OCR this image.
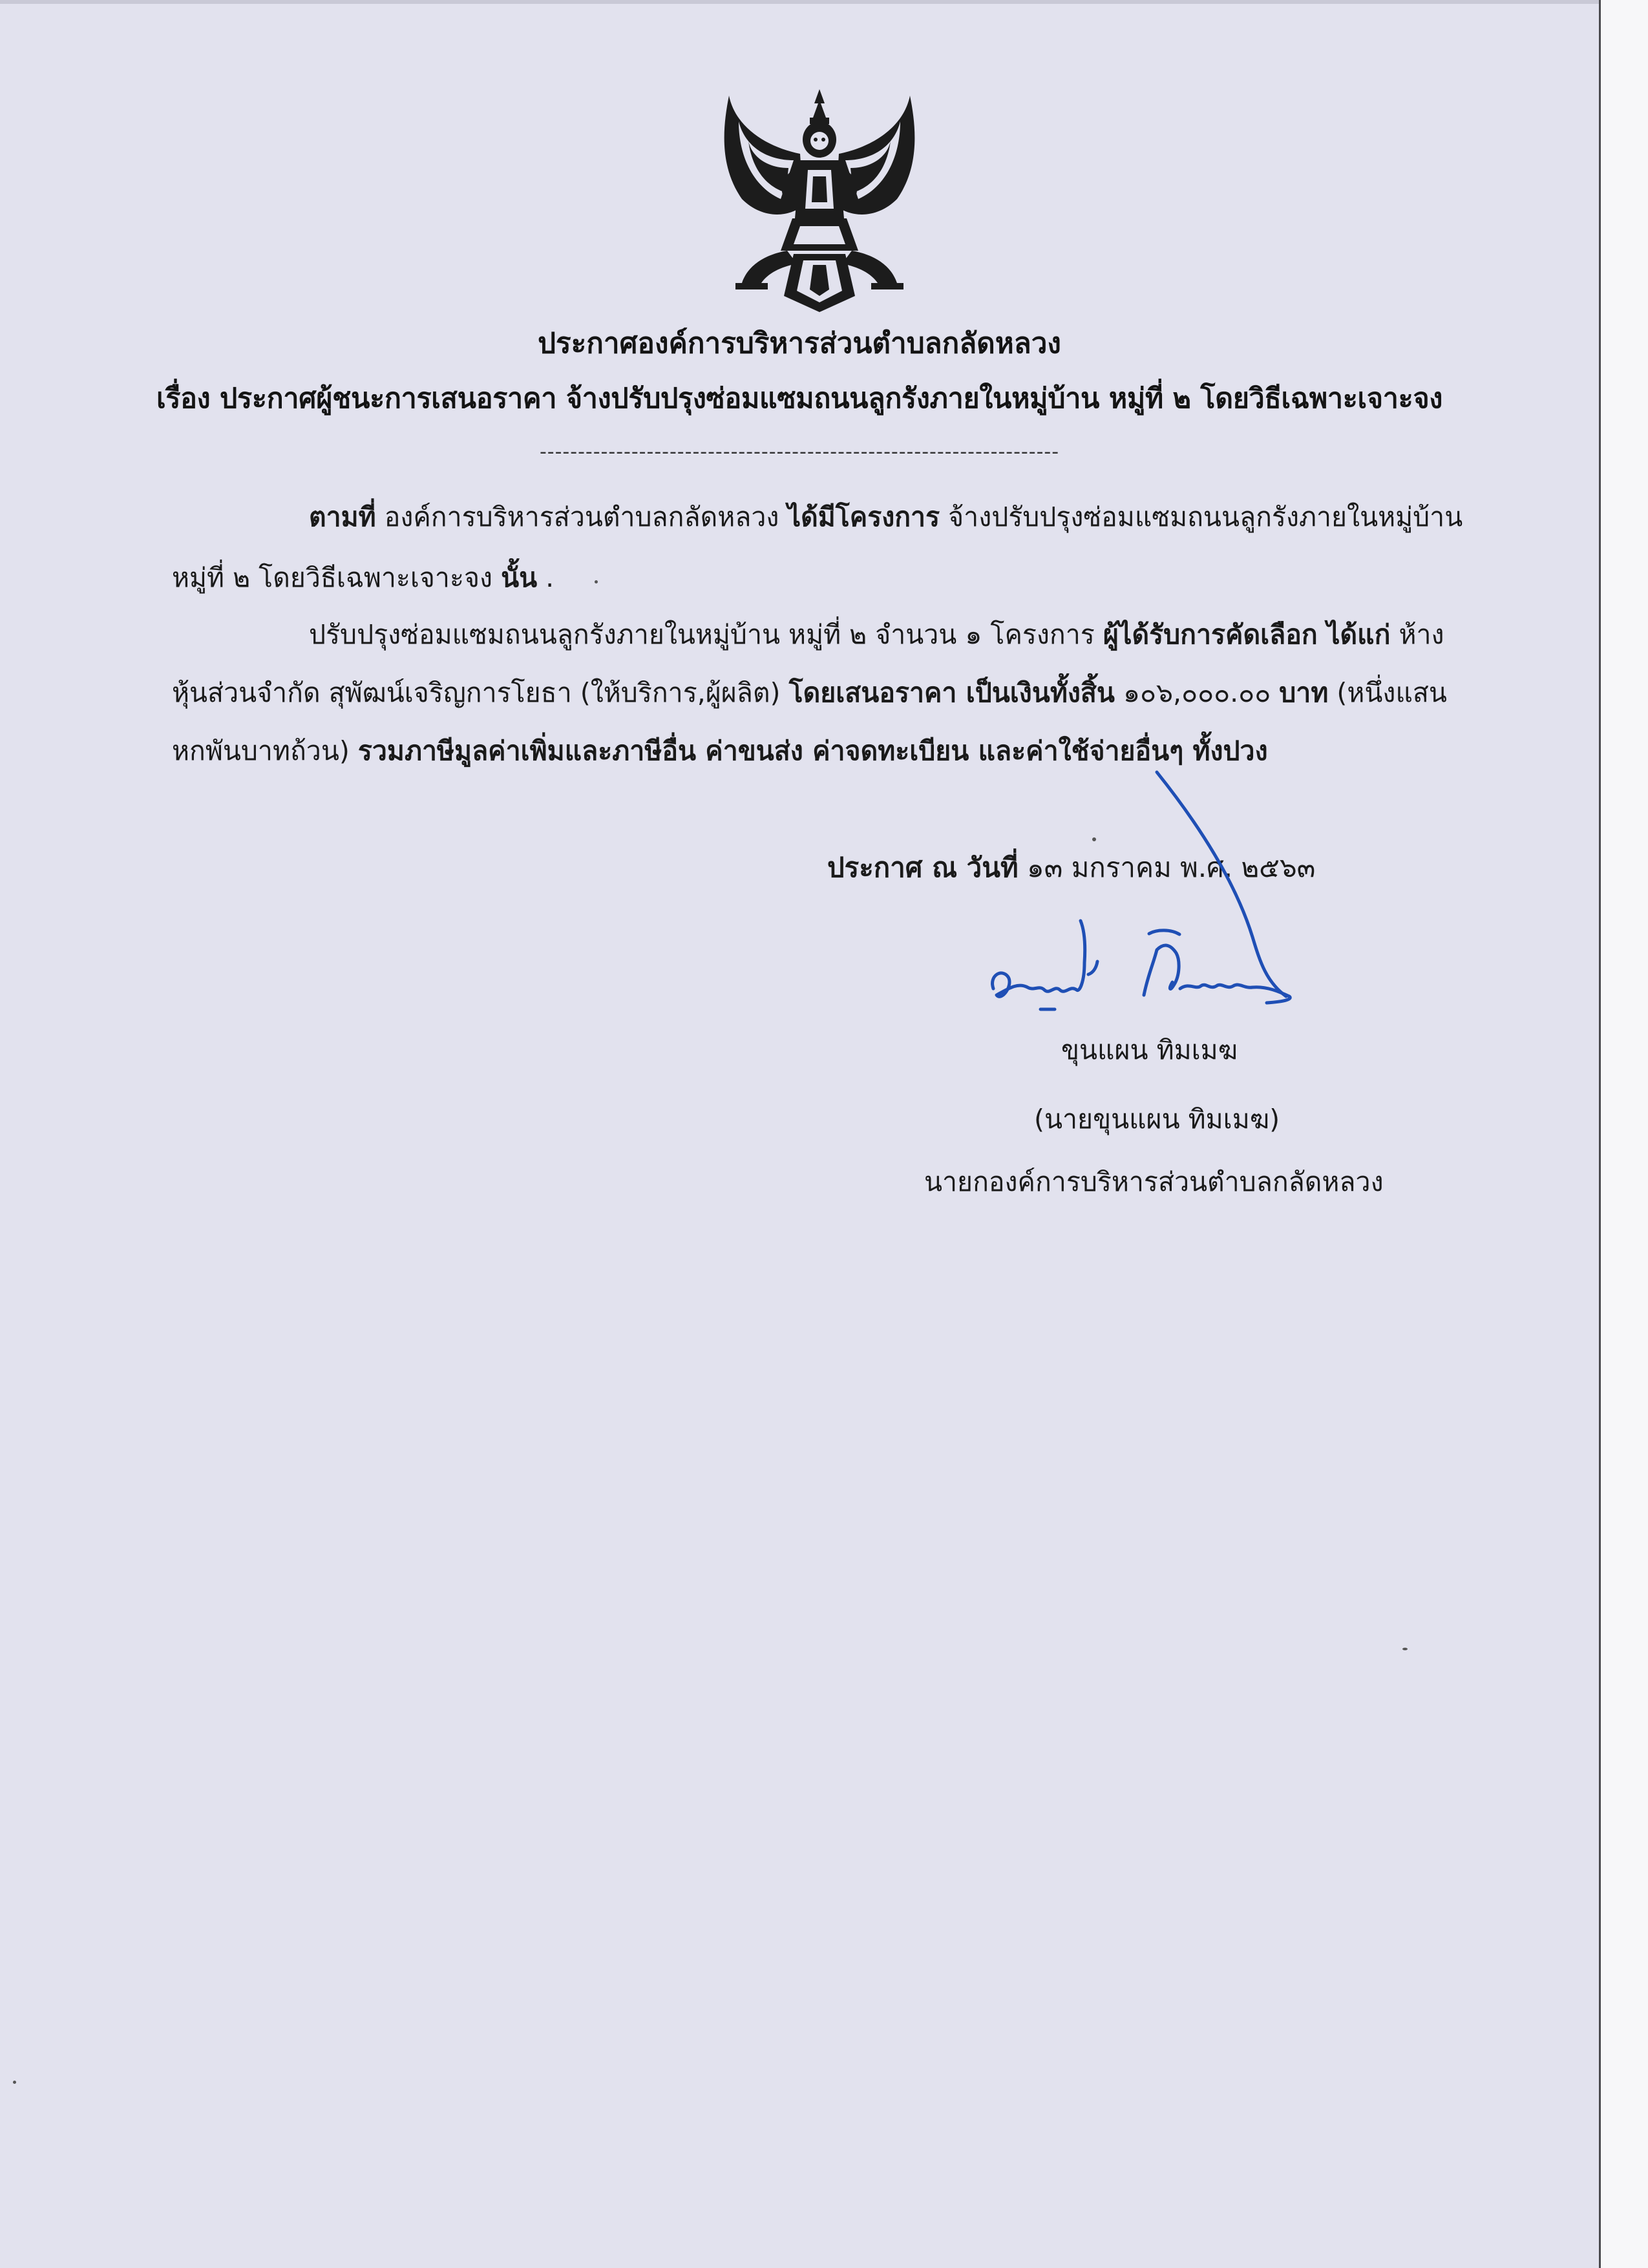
ประกาศองค์การบริหารส่วนตำบลกลัดหลวง
เรื่อง ประกาศผู้ชนะการเสนอราคา จ้างปรับปรุงซ่อมแซมถนนลูกรังภายในหมู่บ้าน หมู่ที่ ๒ โดยวิธีเฉพาะเจาะจง
--------------------------------------------------------------------
ตามที่ องค์การบริหารส่วนตำบลกลัดหลวง ได้มีโครงการ จ้างปรับปรุงซ่อมแซมถนนลูกรังภายในหมู่บ้าน
หมู่ที่ ๒ โดยวิธีเฉพาะเจาะจง นั้น .
ปรับปรุงซ่อมแซมถนนลูกรังภายในหมู่บ้าน หมู่ที่ ๒ จำนวน ๑ โครงการ ผู้ได้รับการคัดเลือก ได้แก่ ห้าง
หุ้นส่วนจำกัด สุพัฒน์เจริญการโยธา (ให้บริการ,ผู้ผลิต) โดยเสนอราคา เป็นเงินทั้งสิ้น ๑๐๖,๐๐๐.๐๐ บาท (หนึ่งแสน
หกพันบาทถ้วน) รวมภาษีมูลค่าเพิ่มและภาษีอื่น ค่าขนส่ง ค่าจดทะเบียน และค่าใช้จ่ายอื่นๆ ทั้งปวง
ประกาศ ณ วันที่ ๑๓ มกราคม พ.ศ. ๒๕๖๓
ขุนแผน ทิมเมฆ
(นายขุนแผน ทิมเมฆ)
นายกองค์การบริหารส่วนตำบลกลัดหลวง
